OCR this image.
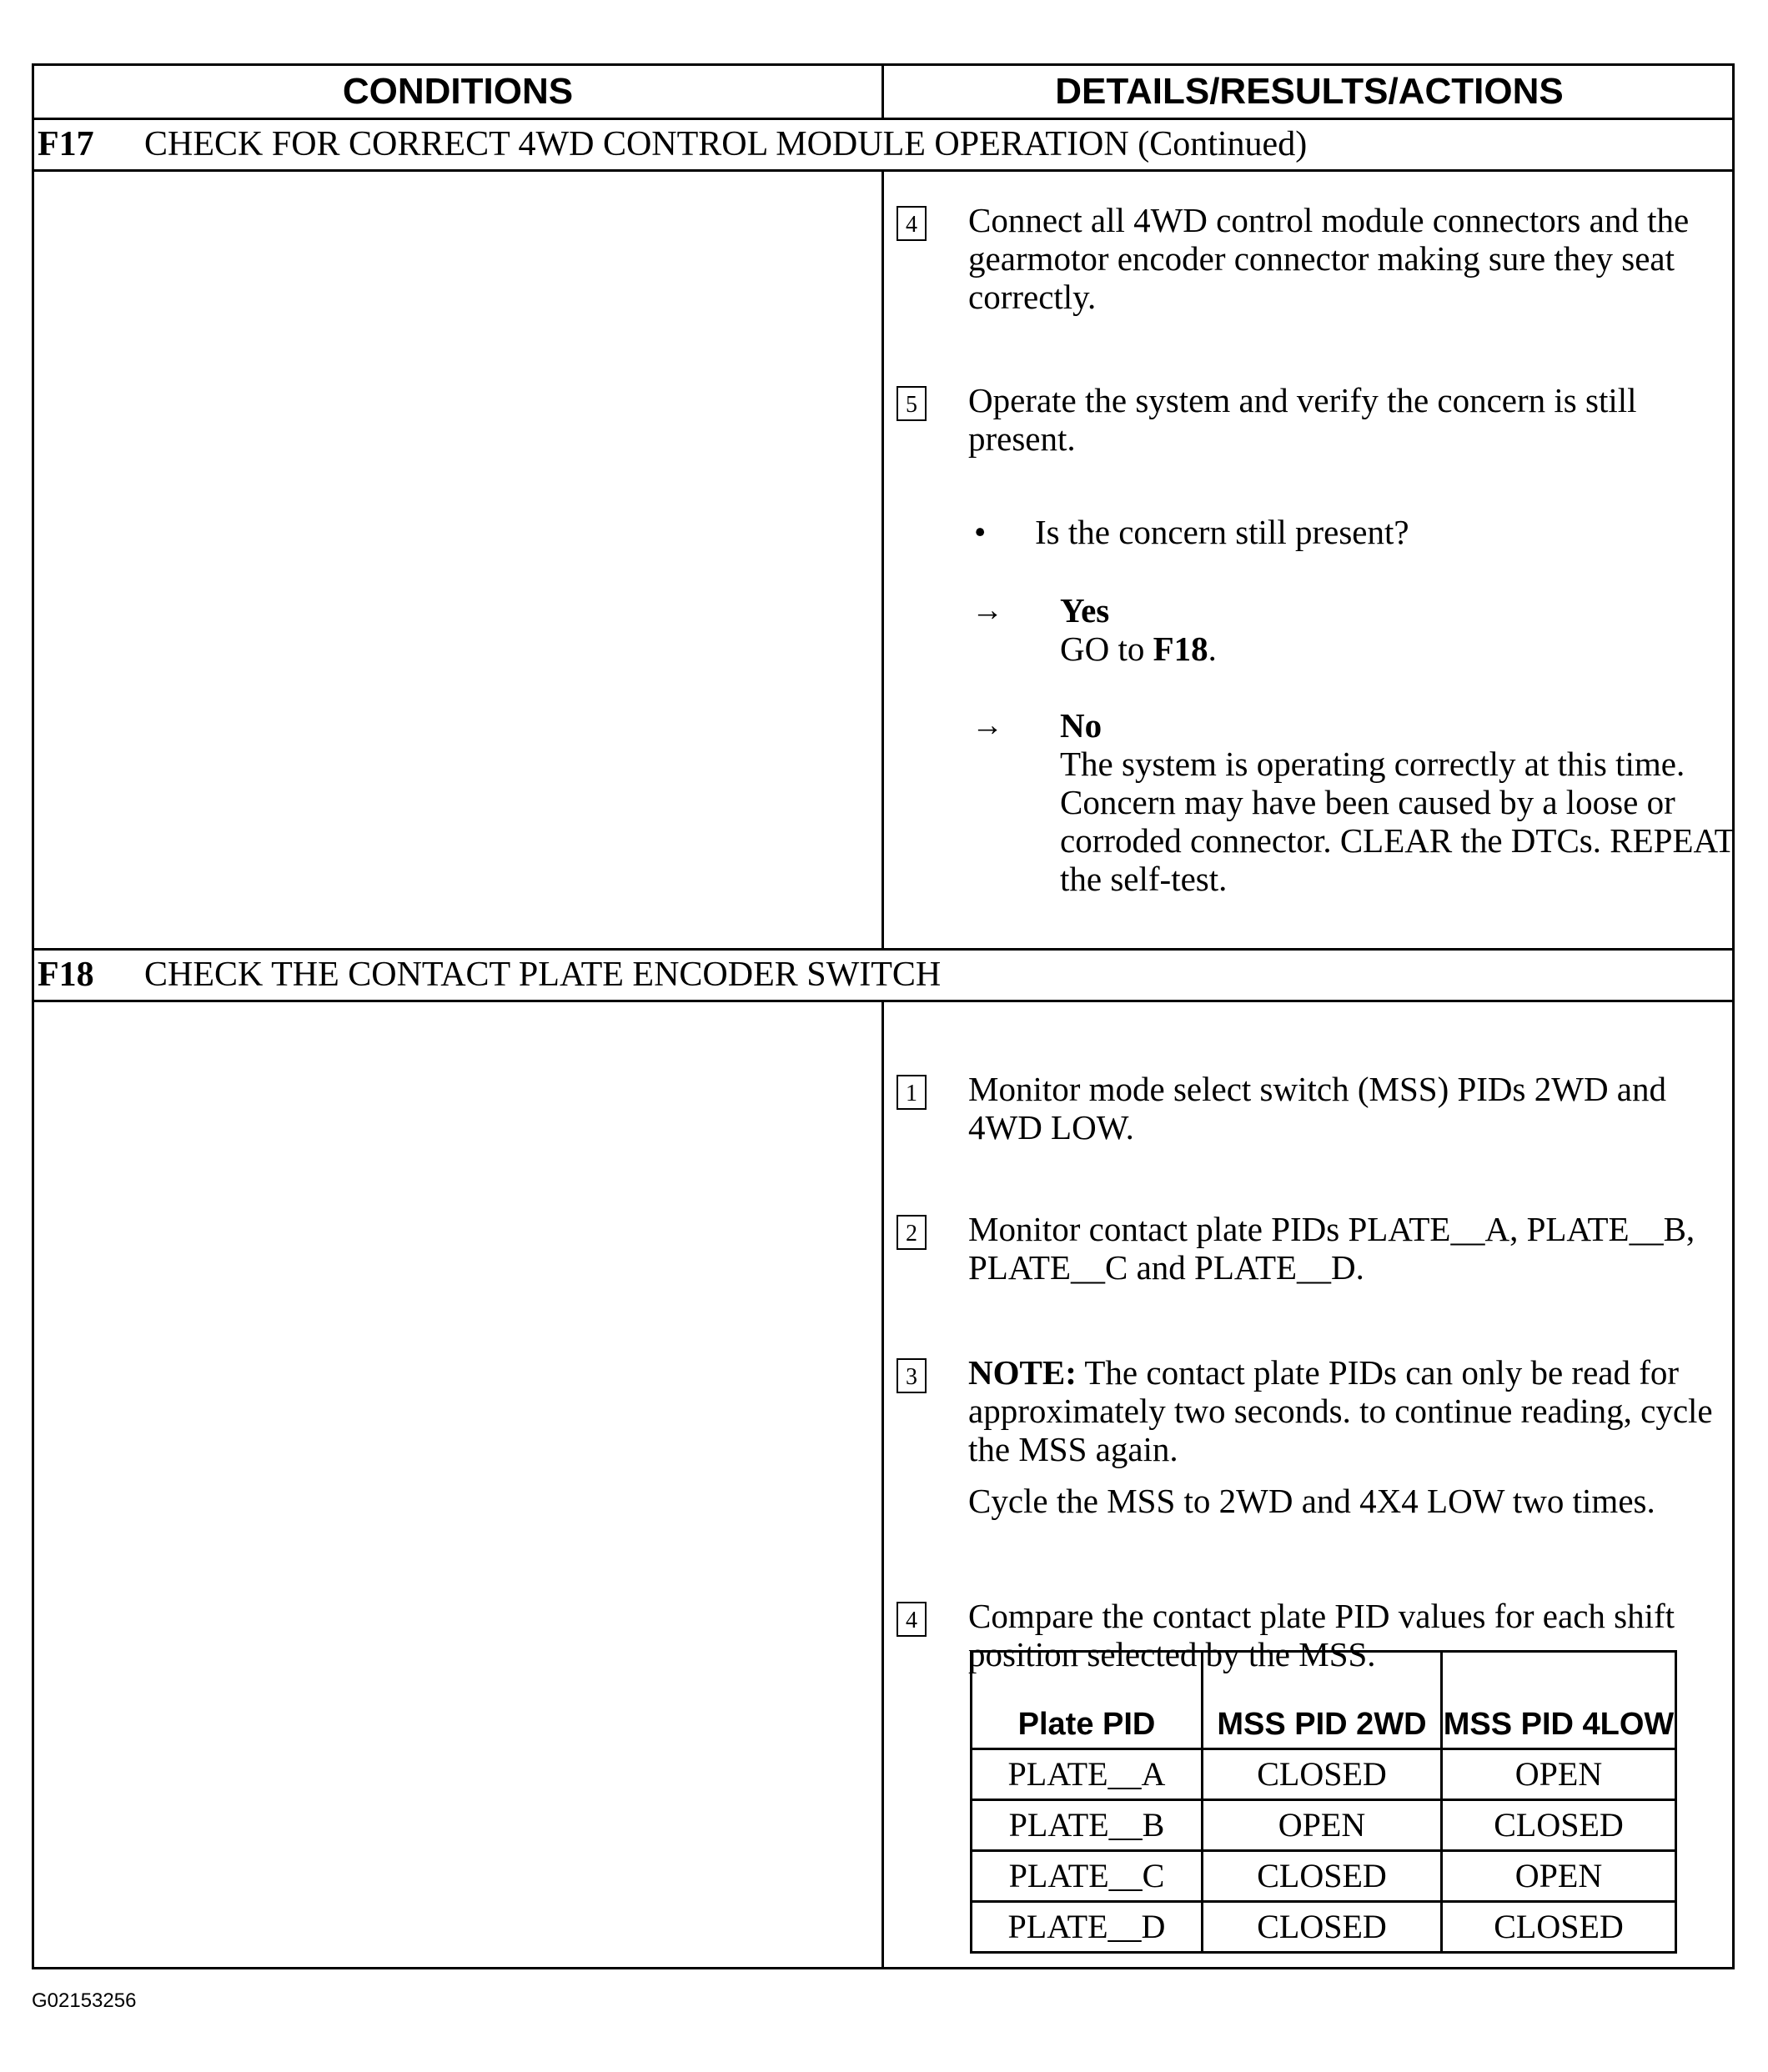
CONDITIONS	DETAILS/RESULTS/ACTIONS
F17 CHECK FOR CORRECT 4WD CONTROL MODULE OPERATION (Continued)
4 Connect all 4WD control module connectors and the gearmotor encoder connector making sure they seat correctly.
5 Operate the system and verify the concern is still present.
• Is the concern still present?
→ Yes
GO to F18.
→ No
The system is operating correctly at this time. Concern may have been caused by a loose or corroded connector. CLEAR the DTCs. REPEAT the self-test.
F18 CHECK THE CONTACT PLATE ENCODER SWITCH
1 Monitor mode select switch (MSS) PIDs 2WD and 4WD LOW.
2 Monitor contact plate PIDs PLATE__A, PLATE__B, PLATE__C and PLATE__D.
3 NOTE: The contact plate PIDs can only be read for approximately two seconds. to continue reading, cycle the MSS again.
Cycle the MSS to 2WD and 4X4 LOW two times.
4 Compare the contact plate PID values for each shift position selected by the MSS.
Plate PID	MSS PID 2WD	MSS PID 4LOW
PLATE__A	CLOSED	OPEN
PLATE__B	OPEN	CLOSED
PLATE__C	CLOSED	OPEN
PLATE__D	CLOSED	CLOSED
G02153256
